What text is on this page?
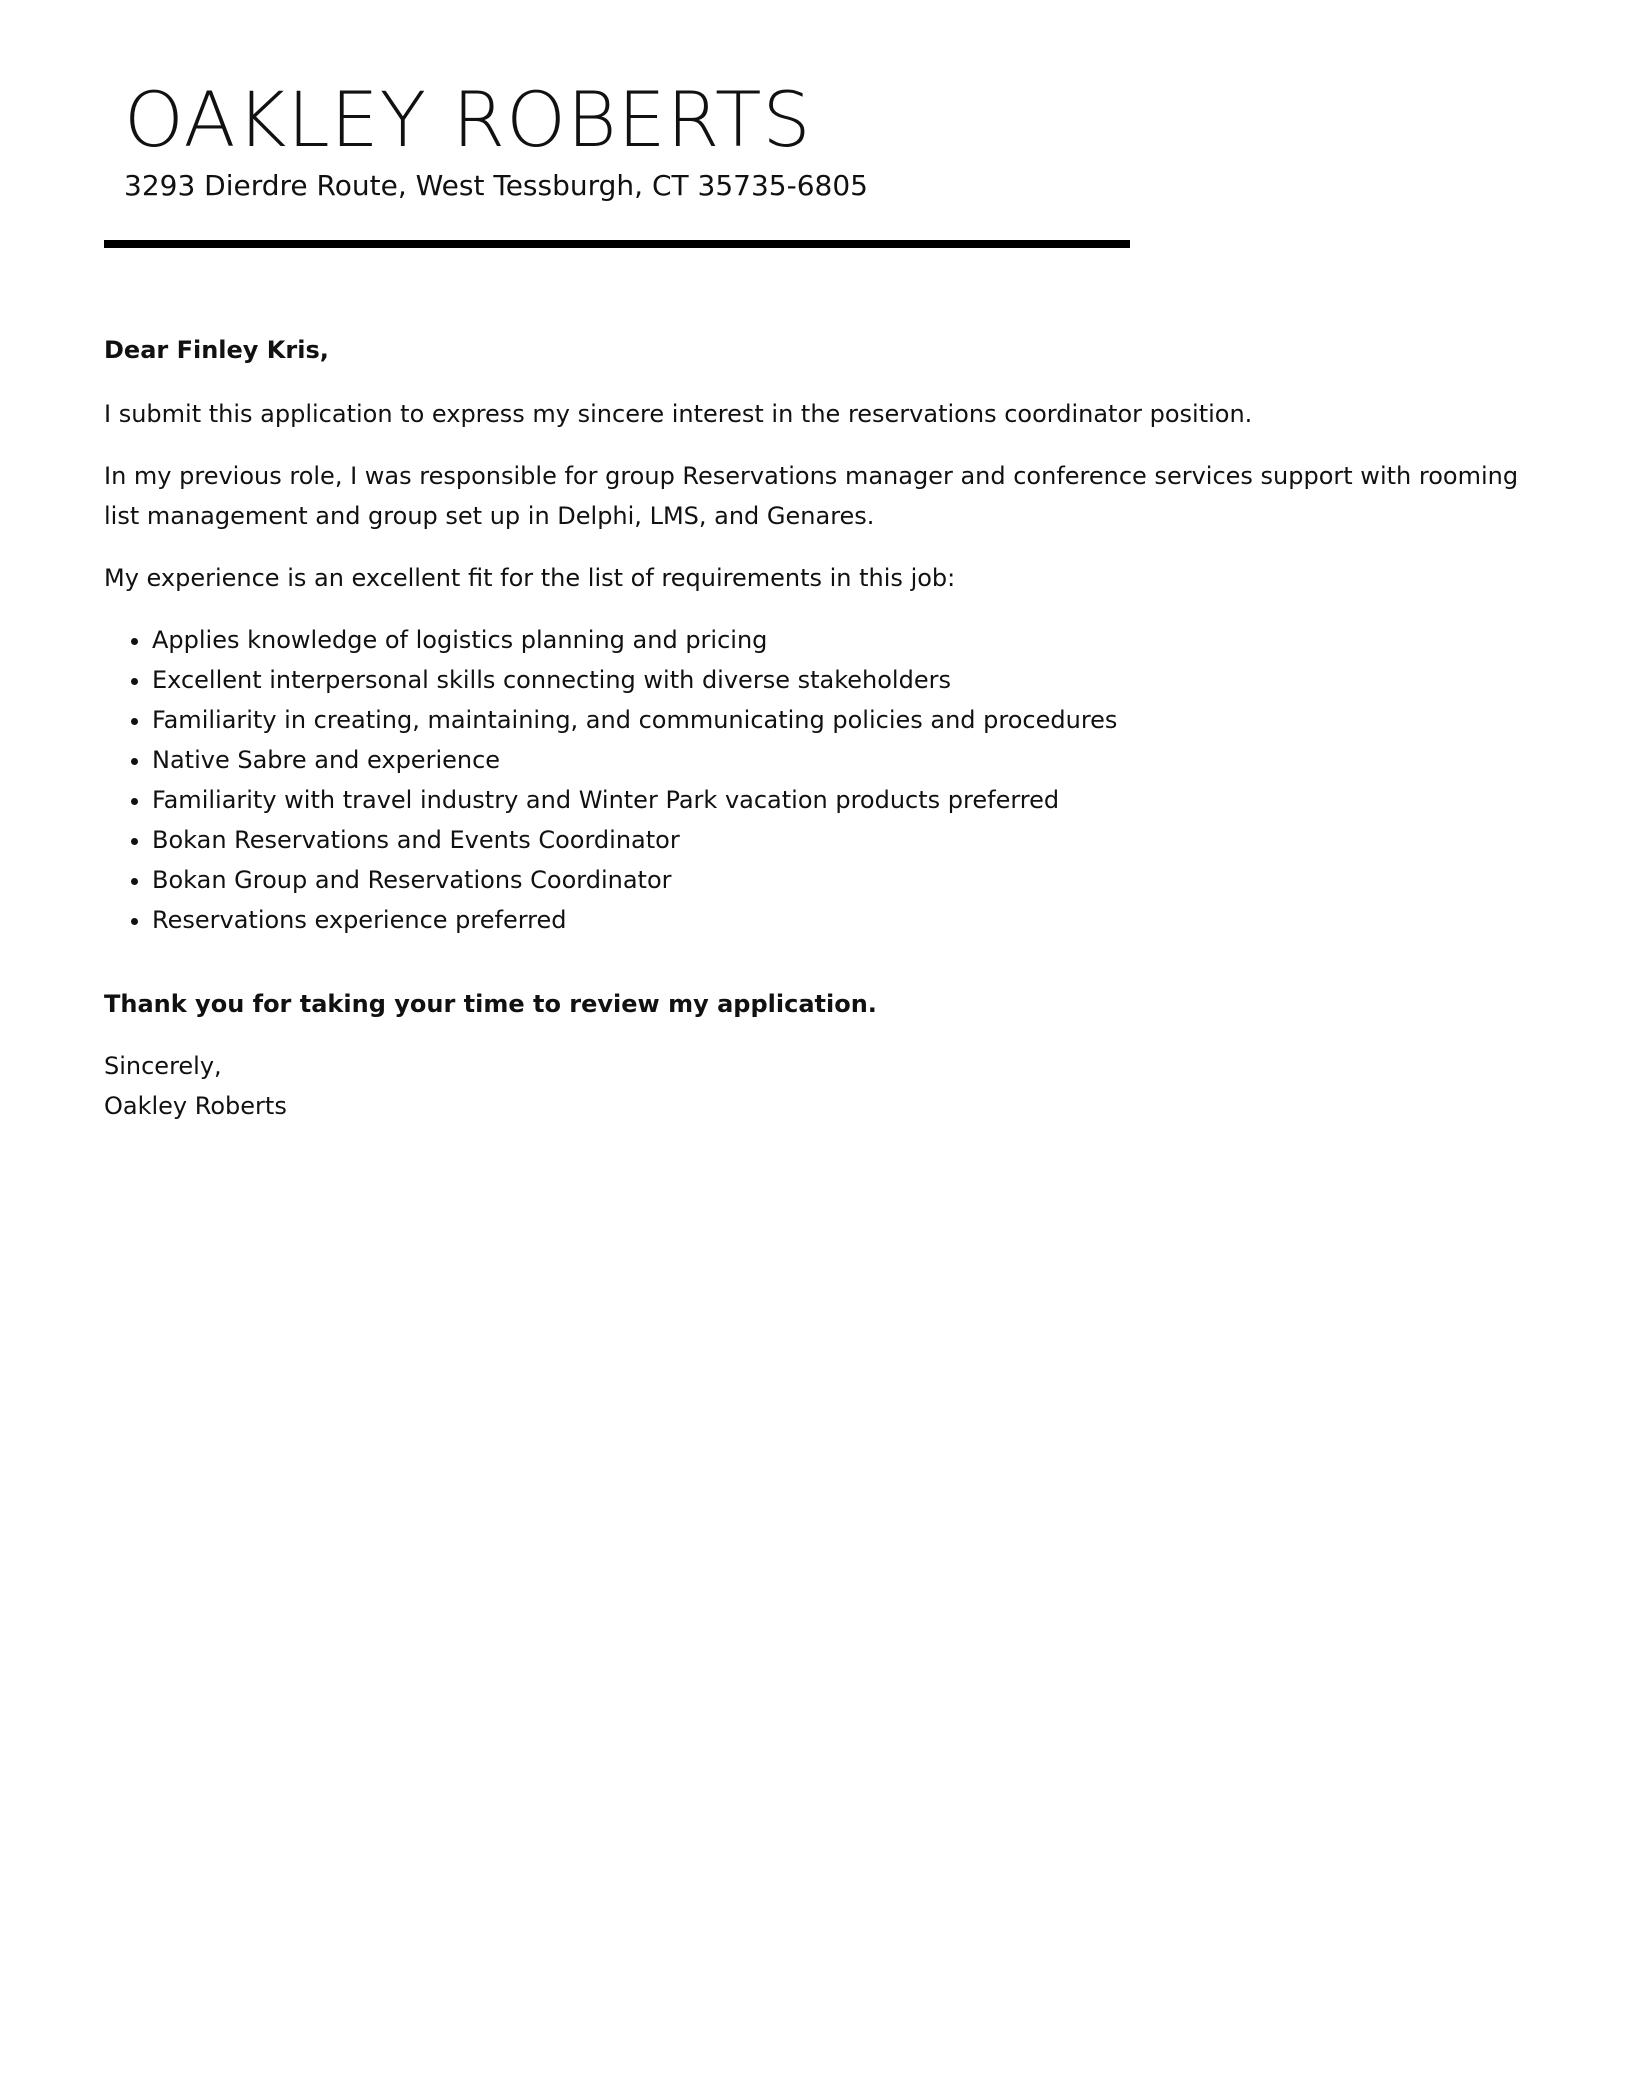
OAKLEY ROBERTS
3293 Dierdre Route, West Tessburgh, CT 35735-6805

Dear Finley Kris,

I submit this application to express my sincere interest in the reservations coordinator position.

In my previous role, I was responsible for group Reservations manager and conference services support with rooming list management and group set up in Delphi, LMS, and Genares.

My experience is an excellent fit for the list of requirements in this job:

• Applies knowledge of logistics planning and pricing
• Excellent interpersonal skills connecting with diverse stakeholders
• Familiarity in creating, maintaining, and communicating policies and procedures
• Native Sabre and experience
• Familiarity with travel industry and Winter Park vacation products preferred
• Bokan Reservations and Events Coordinator
• Bokan Group and Reservations Coordinator
• Reservations experience preferred

Thank you for taking your time to review my application.

Sincerely,

Oakley Roberts
